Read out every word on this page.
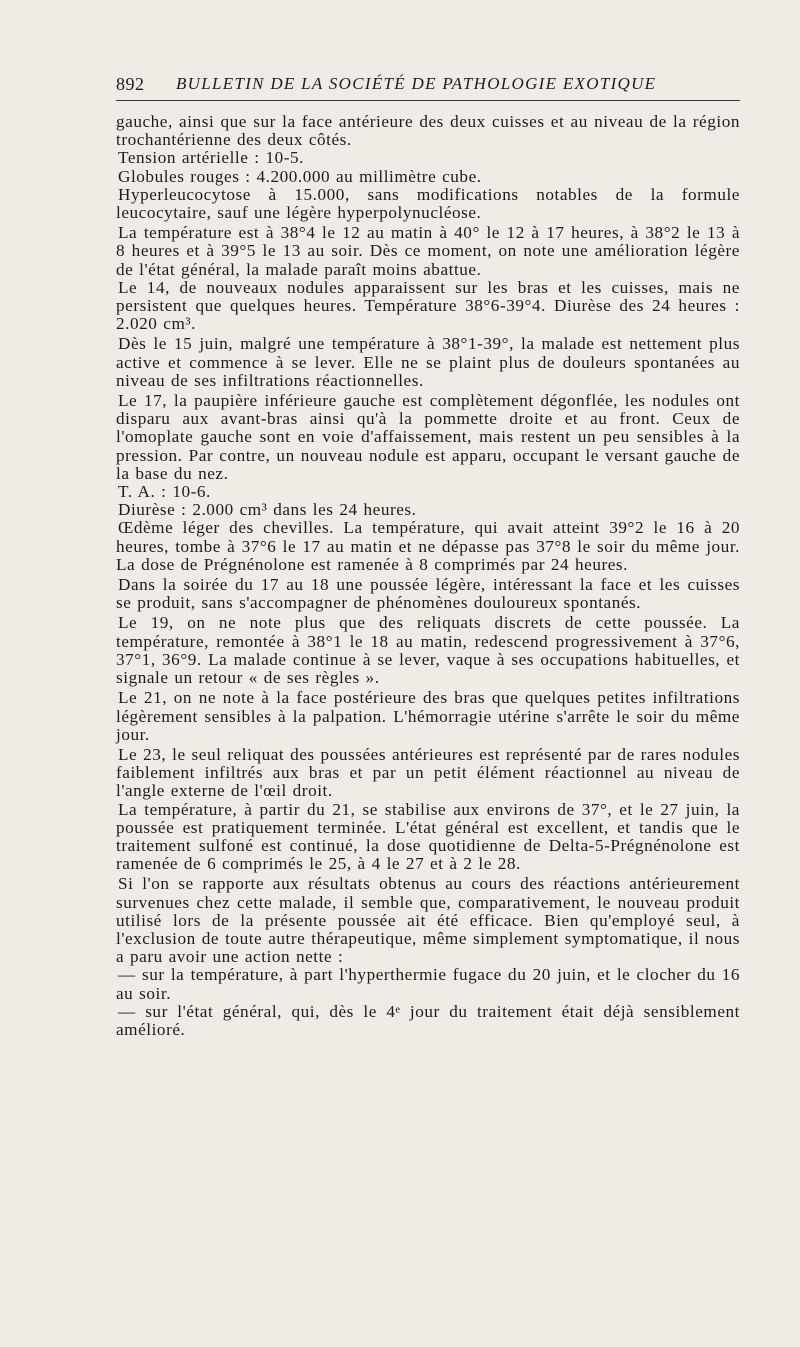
892 BULLETIN DE LA SOCIÉTÉ DE PATHOLOGIE EXOTIQUE

gauche, ainsi que sur la face antérieure des deux cuisses et au niveau de la région trochantérienne des deux côtés.

Tension artérielle : 10-5.

Globules rouges : 4.200.000 au millimètre cube.

Hyperleucocytose à 15.000, sans modifications notables de la formule leucocytaire, sauf une légère hyperpolynucléose.

La température est à 38°4 le 12 au matin à 40° le 12 à 17 heures, à 38°2 le 13 à 8 heures et à 39°5 le 13 au soir. Dès ce moment, on note une amélioration légère de l'état général, la malade paraît moins abattue.

Le 14, de nouveaux nodules apparaissent sur les bras et les cuisses, mais ne persistent que quelques heures. Température 38°6-39°4. Diurèse des 24 heures : 2.020 cm³.

Dès le 15 juin, malgré une température à 38°1-39°, la malade est nettement plus active et commence à se lever. Elle ne se plaint plus de douleurs spontanées au niveau de ses infiltrations réactionnelles.

Le 17, la paupière inférieure gauche est complètement dégonflée, les nodules ont disparu aux avant-bras ainsi qu'à la pommette droite et au front. Ceux de l'omoplate gauche sont en voie d'affaissement, mais restent un peu sensibles à la pression. Par contre, un nouveau nodule est apparu, occupant le versant gauche de la base du nez.

T. A. : 10-6.

Diurèse : 2.000 cm³ dans les 24 heures.

Œdème léger des chevilles. La température, qui avait atteint 39°2 le 16 à 20 heures, tombe à 37°6 le 17 au matin et ne dépasse pas 37°8 le soir du même jour. La dose de Prégnénolone est ramenée à 8 comprimés par 24 heures.

Dans la soirée du 17 au 18 une poussée légère, intéressant la face et les cuisses se produit, sans s'accompagner de phénomènes douloureux spontanés.

Le 19, on ne note plus que des reliquats discrets de cette poussée. La température, remontée à 38°1 le 18 au matin, redescend progressivement à 37°6, 37°1, 36°9. La malade continue à se lever, vaque à ses occupations habituelles, et signale un retour « de ses règles ».

Le 21, on ne note à la face postérieure des bras que quelques petites infiltrations légèrement sensibles à la palpation. L'hémorragie utérine s'arrête le soir du même jour.

Le 23, le seul reliquat des poussées antérieures est représenté par de rares nodules faiblement infiltrés aux bras et par un petit élément réactionnel au niveau de l'angle externe de l'œil droit.

La température, à partir du 21, se stabilise aux environs de 37°, et le 27 juin, la poussée est pratiquement terminée. L'état général est excellent, et tandis que le traitement sulfoné est continué, la dose quotidienne de Delta-5-Prégnénolone est ramenée de 6 comprimés le 25, à 4 le 27 et à 2 le 28.

Si l'on se rapporte aux résultats obtenus au cours des réactions antérieurement survenues chez cette malade, il semble que, comparativement, le nouveau produit utilisé lors de la présente poussée ait été efficace. Bien qu'employé seul, à l'exclusion de toute autre thérapeutique, même simplement symptomatique, il nous a paru avoir une action nette :

— sur la température, à part l'hyperthermie fugace du 20 juin, et le clocher du 16 au soir.

— sur l'état général, qui, dès le 4ᵉ jour du traitement était déjà sensiblement amélioré.
